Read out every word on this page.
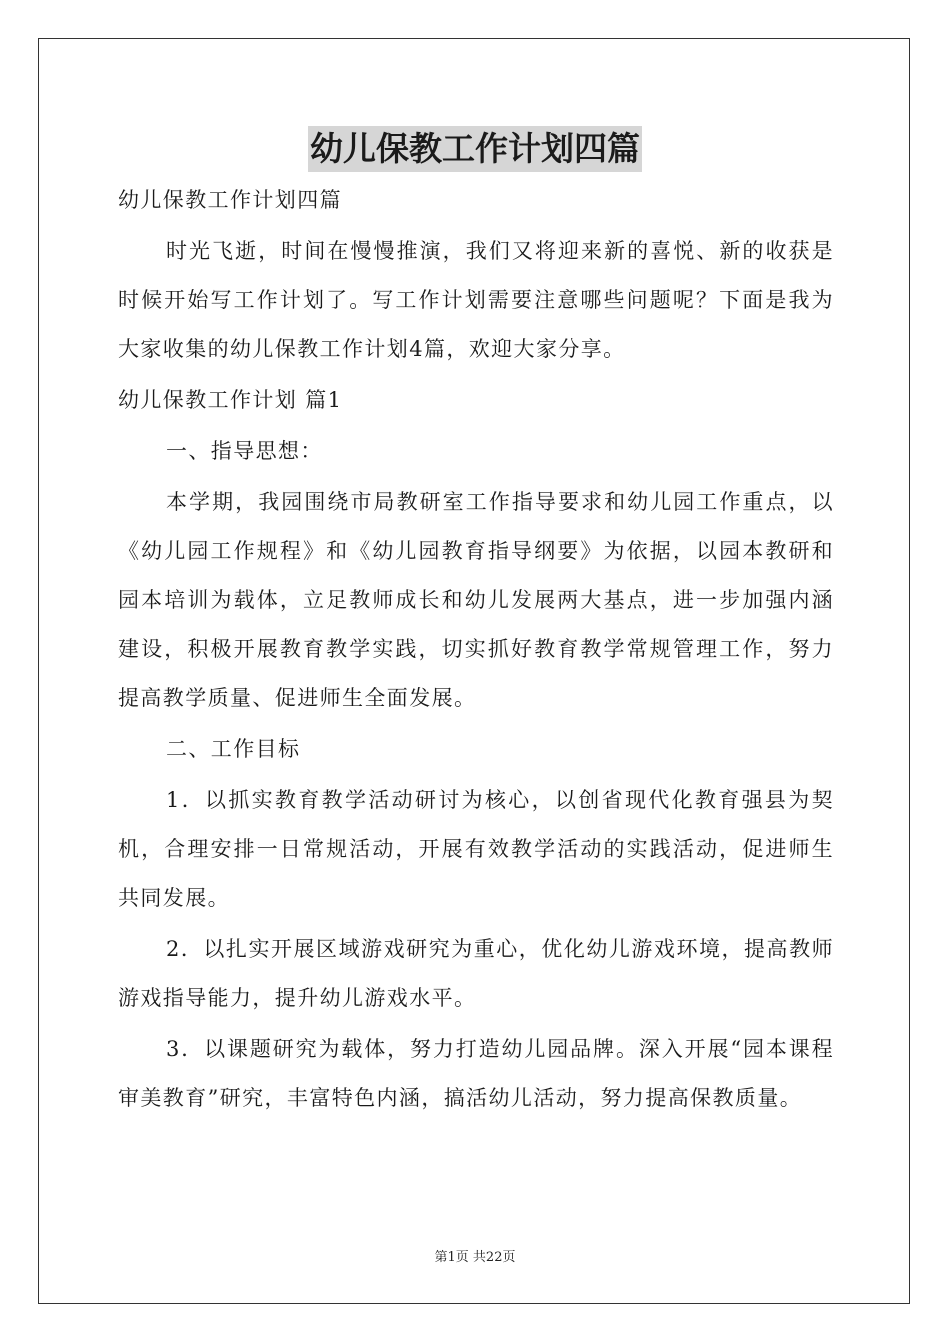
幼儿保教工作计划四篇
幼儿保教工作计划四篇
时光飞逝，时间在慢慢推演，我们又将迎来新的喜悦、新的收获是时候开始写工作计划了。写工作计划需要注意哪些问题呢？下面是我为大家收集的幼儿保教工作计划4篇，欢迎大家分享。
幼儿保教工作计划 篇1
一、指导思想：
本学期，我园围绕市局教研室工作指导要求和幼儿园工作重点，以《幼儿园工作规程》和《幼儿园教育指导纲要》为依据，以园本教研和园本培训为载体，立足教师成长和幼儿发展两大基点，进一步加强内涵建设，积极开展教育教学实践，切实抓好教育教学常规管理工作，努力提高教学质量、促进师生全面发展。
二、工作目标
1．以抓实教育教学活动研讨为核心，以创省现代化教育强县为契机，合理安排一日常规活动，开展有效教学活动的实践活动，促进师生共同发展。
2．以扎实开展区域游戏研究为重心，优化幼儿游戏环境，提高教师游戏指导能力，提升幼儿游戏水平。
3．以课题研究为载体，努力打造幼儿园品牌。深入开展“园本课程审美教育”研究，丰富特色内涵，搞活幼儿活动，努力提高保教质量。
第1页 共22页
